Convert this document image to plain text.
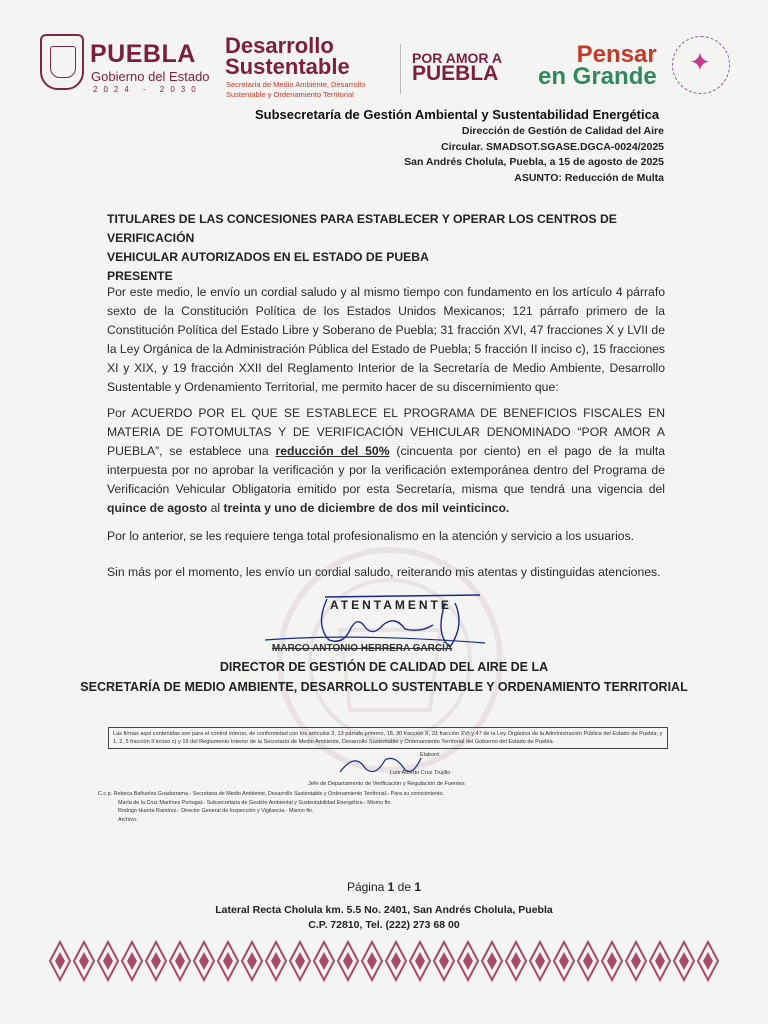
PUEBLA
Gobierno del Estado
2024 - 2030
Desarrollo
Sustentable
Secretaría de Medio Ambiente, Desarrollo Sustentable y Ordenamiento Territorial
POR AMOR A
PUEBLA
Pensar
en Grande
✦
Subsecretaría de Gestión Ambiental y Sustentabilidad Energética
Dirección de Gestión de Calidad del Aire
Circular. SMADSOT.SGASE.DGCA-0024/2025
San Andrés Cholula, Puebla, a 15 de agosto de 2025
ASUNTO: Reducción de Multa
TITULARES DE LAS CONCESIONES PARA ESTABLECER Y OPERAR LOS CENTROS DE VERIFICACIÓN
VEHICULAR AUTORIZADOS EN EL ESTADO DE PUEBA
PRESENTE
Por este medio, le envío un cordial saludo y al mismo tiempo con fundamento en los artículo 4 párrafo sexto de la Constitución Política de los Estados Unidos Mexicanos; 121 párrafo primero de la Constitución Política del Estado Libre y Soberano de Puebla; 31 fracción XVI, 47 fracciones X y LVII de la Ley Orgánica de la Administración Pública del Estado de Puebla; 5 fracción II inciso c), 15 fracciones XI y XIX, y 19 fracción XXII del Reglamento Interior de la Secretaría de Medio Ambiente, Desarrollo Sustentable y Ordenamiento Territorial, me permito hacer de su discernimiento que:
Por ACUERDO POR EL QUE SE ESTABLECE EL PROGRAMA DE BENEFICIOS FISCALES EN MATERIA DE FOTOMULTAS Y DE VERIFICACIÓN VEHICULAR DENOMINADO “POR AMOR A PUEBLA”, se establece una reducción del 50% (cincuenta por ciento) en el pago de la multa interpuesta por no aprobar la verificación y por la verificación extemporánea dentro del Programa de Verificación Vehicular Obligatoria emitido por esta Secretaría, misma que tendrá una vigencia del quince de agosto al treinta y uno de diciembre de dos mil veinticinco.
Por lo anterior, se les requiere tenga total profesionalismo en la atención y servicio a los usuarios.
Sin más por el momento, les envío un cordial saludo, reiterando mis atentas y distinguidas atenciones.
ATENTAMENTE
MARCO ANTONIO HERRERA GARCÍA
DIRECTOR DE GESTIÓN DE CALIDAD DEL AIRE DE LA
SECRETARÍA DE MEDIO AMBIENTE, DESARROLLO SUSTENTABLE Y ORDENAMIENTO TERRITORIAL
Las firmas aquí contenidas son para el control interno, de conformidad con los artículos 3, 13 párrafo primero, 18, 30 fracción X, 31 fracción XVI y 47 de la Ley Orgánica de la Administración Pública del Estado de Puebla; y 1, 2, 5 fracción II inciso c) y 19 del Reglamento Interior de la Secretaría de Medio Ambiente, Desarrollo Sustentable y Ordenamiento Territorial del Gobierno del Estado de Puebla.
Elaboró
Luis Alberto Cruz Trujillo
Jefe de Departamento de Verificación y Regulación de Fuentes
C.c.p. Rebeca Bañuelos Guadarrama.- Secretaria de Medio Ambiente, Desarrollo Sustentable y Ordenamiento Territorial.- Para su conocimiento.
María de la Cruz Martínez Portugal.- Subsecretaria de Gestión Ambiental y Sustentabilidad Energética.- Mismo fin.
Rodrigo Huerta Ramírez.- Director General de Inspección y Vigilancia.- Mismo fin.
Archivo.
Página 1 de 1
Lateral Recta Cholula km. 5.5 No. 2401, San Andrés Cholula, Puebla
C.P. 72810, Tel. (222) 273 68 00
